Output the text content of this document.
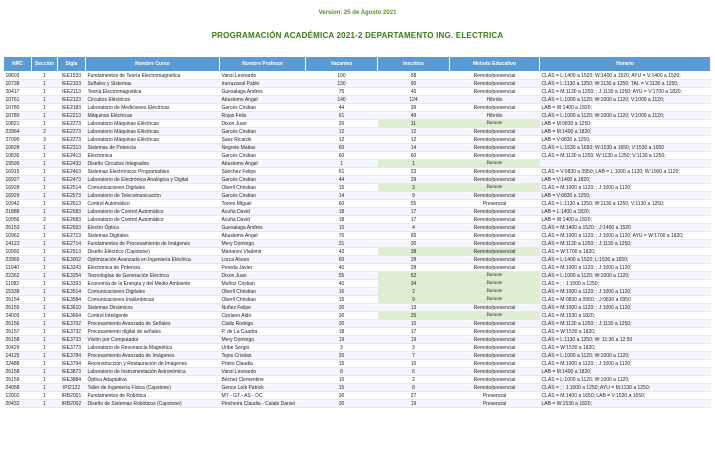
Version: 25 de Agosto 2021
PROGRAMACIÓN ACADÉMICA 2021-2 DEPARTAMENTO ING. ELECTRICA
NRC	Sección	Sigla	Nombre Curso	Nombre Profesor	Vacantes	Inscritos	Metodo Educativo	Horario
18603	1	IEE1533	Fundamentos de Teoría Electromagnética	Vanzi Leonardo	100	58	Remoto/presencial	CLAS = L:1400 a 1520; W:1400 a 1520; AYU = V:1400 a 1520;
10738	1	IEE2103	Señales y Sistemas	Irarrazaval Pablo	130	90	Remoto/presencial	CLAS = L:1130 a 1250; W:1130 a 1250; TAL = V:1130 a 1250;
20417	1	IEE2113	Teoría Electromagnética	Guesalaga Andres	75	45	Remoto/presencial	CLAS = M:1130 a 1250; ; J:1130 a 1250; AYU = V:1700 a 1820;
10761	1	IEE2123	Circuitos Eléctricos	Abusleme Angel	140	124	Hibrido	CLAS = L:1000 a 1120; W:1000 a 1120; V:1000 a 1120;
10780	1	IEE2183	Laboratorio de Mediciones Eléctricas	Garcés Cristian	44	39	Remoto/presencial	LAB = W:1400 a 1820;
10789	1	IEE2213	Máquinas Eléctricas	Rojas Felix	61	49	Hibrido	CLAS = L:1000 a 1120; W:1000 a 1120; V:1000 a 1120;
10821	1	IEE2273	Laboratorio Máquinas Eléctricas	Dixon Juan	20	11	Remote	LAB = M:0830 a 1250;
23964	2	IEE2273	Laboratorio Máquinas Eléctricas	Garcés Cristian	12	12	Remoto/presencial	LAB = M:1400 a 1820;
27090	3	IEE2273	Laboratorio Máquinas Eléctricas	Saez Ricardo	12	12	Remoto/presencial	LAB = V:0830 a 1250;
10828	1	IEE2313	Sistemas de Potencia	Negrete Matias	60	14	Remoto/presencial	CLAS = L:1530 a 1650; W:1530 a 1650; V:1530 a 1650
10835	1	IEE2413	Electrónica	Garcés Cristian	60	60	Remoto/presencial	CLAS = M:1130 a 1250; W:1130 a 1250; V:1130 a 1250;
19599	1	IEE2433	Diseño Circuitos Integrados	Abusleme Angel	1	1	Remote	
16915	1	IEE2463	Sistemas Electrónicos Programables	Sánchez Felipe	61	23	Remoto/presencial	CLAS = V:0830 a 0950; LAB = L:1000 a 1120; W:1000 a 1120;
16927	1	IEE2473	Laboratorio de Electrónica Analógica y Digital	Garcés Cristian	44	29	Remoto/presencial	LAB = V:1400 a 1820;
16928	1	IEE2514	Comunicaciones Digitales	Oberli Christian	15	3	Remote	CLAS = M:1000 a 1120; ; J:1000 a 1120;
16929	1	IEE2573	Laboratorio de Telecomunicación	Garcés Cristian	14	9	Remoto/presencial	LAB = V:0830 a 1250;
10942	1	IEE2613	Control Automático	Torres Miguel	60	55	Presencial	CLAS = L:1130 a 1250; W:1130 a 1250; V:1130 a 1250;
21888	1	IEE2683	Laboratorio de Control Automático	Acuña David	18	17	Remoto/presencial	LAB = L:1400 a 1820;
10956	2	IEE2683	Laboratorio de Control Automático	Acuña David	18	17	Remoto/presencial	LAB = W:1400 a 1820;
26153	1	IEE2693	Electro Óptica	Guesalaga Andres	10	4	Remoto/presencial	CLAS = M:1400 a 1520; ; J:1400 a 1520
10962	1	IEE2713	Sistemas Digitales	Abusleme Angel	70	65	Remoto/presencial	CLAS = M:1000 a 1120; ; J:1000 a 1120; AYU = W:1700 a 1820;
14123	1	IEE2714	Fundamentos de Procesamiento de Imágenes	Mery Domingo	31	30	Remoto/presencial	CLAS = M:1130 a 1250; ; J:1130 a 1250;
10992	1	IEE2913	Diseño Eléctrico (Capstone)	Marianov Vladimir	42	38	Remoto/presencial	CLAS = W:1700 a 1820;
23965	1	IEE3002	Optimización Avanzada en Ingeniería Eléctrica	Lorca Alvaro	60	28	Remoto/presencial	CLAS = L:1400 a 1520; L:1530 a 1650;
11040	1	IEE3243	Electrónica de Potencia	Pereda Javier	40	28	Remoto/presencial	CLAS = M:1000 a 1120; ; J:1000 a 1120;
22362	1	IEE3254	Tecnologías de Generación Eléctrica	Dixon Juan	55	52	Remote	CLAS = L:1000 a 1120; W:1000 a 1120;
11083	1	IEE3393	Economía de la Energía y del Medio Ambiente	Muñoz Cristian	40	34	Remote	CLAS = ; ; J:1000 a 1250;
15338	1	IEE3514	Comunicaciones Digitales	Oberli Christian	16	2	Remote	CLAS = M:1000 a 1120; ; J:1000 a 1120;
26154	1	IEE3584	Comunicaciones Inalámbricas	Oberli Christian	15	9	Remote	CLAS = M:0830 a 0950; ; J:0830 a 0950
26155	1	IEE3610	Sistemas Dinámicos	Nuñez Felipe	30	13	Remoto/presencial	CLAS = M:1000 a 1120; ; J:1000 a 1120;
24003	1	IEE3664	Control Inteligente	Cipriano Aldo	30	25	Remote	CLAS = M:1530 a 1820;
26156	1	IEE3702	Procesamiento Avanzado de Señales	Cádiz Rodrigo	30	10	Remoto/presencial	CLAS = M:1130 a 1250; ; J:1130 a 1250;
26157	1	IEE3732	Procesamiento digital de señales	P. de La Cuadra	18	17	Remoto/presencial	CLAS = W:1530 a 1820;
26158	1	IEE3733	Visión por Computador	Mery Domingo	19	19	Remoto/presencial	CLAS = L:1130 a 1250; W: 11:30 a 12:50
20429	1	IEE3773	Laboratorio de Resonancia Magnética	Uribe Sergio	3	3	Remoto/presencial	CLAS = W:1530 a 1820;
14125	1	IEE3784	Procesamiento Avanzado de Imágenes	Tejos Cristian	20	7	Remoto/presencial	CLAS = L:1000 a 1120; W:1000 a 1120;
22488	1	IEE3794	Reconstrucción y Restauración de Imágenes	Prieto Claudia	15	10	Remoto/presencial	CLAS = M:1000 a 1120; ; J:1000 a 1120;
26158	1	IEE3873	Laboratorio de Instrumentación Astronómica	Vanzi Leonardo	8	6	Remoto/presencial	LAB = M:1400 a 1820;
26159	1	IEE3884	Óptica Adaptativa	Béchet Clementine	10	2	Remoto/presencial	CLAS = L:1000 a 1120; W:1000 a 1120;
24058	1	IPI2122	Taller de Ingeniería Física (Capstone)	Gence Loïk Patrick	15	8	Remoto/presencial	CLAS = ; ; J:1000 a 1250; AYU = M:1130 a 1250;
12002	1	IRB2001	Fundamentos de Robótica	MT - GT - AS - DC	30	27	Presencial	CLAS = M:1400 a 1650; LAB = V:1530 a 1650;
20432	1	IRB2002	Diseño de Sistemas Robóticos (Capstone)	Pincheira Claudia - Calabi Daniel	30	19	Presencial	LAB = W:1530 a 1820;
